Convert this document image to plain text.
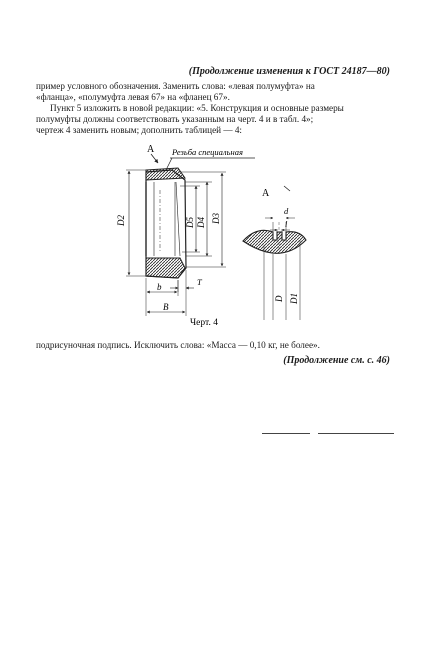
(Продолжение изменения к ГОСТ 24187—80)
пример условного обозначения. Заменить слова: «левая полумуфта» на
«фланца», «полумуфта левая 67» на «фланец 67».
Пункт 5 изложить в новой редакции: «5. Конструкция и основные размеры
полумуфты должны соответствовать указанным на черт. 4 и в табл. 4»;
чертеж 4 заменить новым; дополнить таблицей — 4:
А Резьба специальная
D2	D5 D4 D3
T
b
B
А
d
l
D D1
Черт. 4
подрисуночная подпись. Исключить слова: «Масса — 0,10 кг, не более».
(Продолжение см. с. 46)
